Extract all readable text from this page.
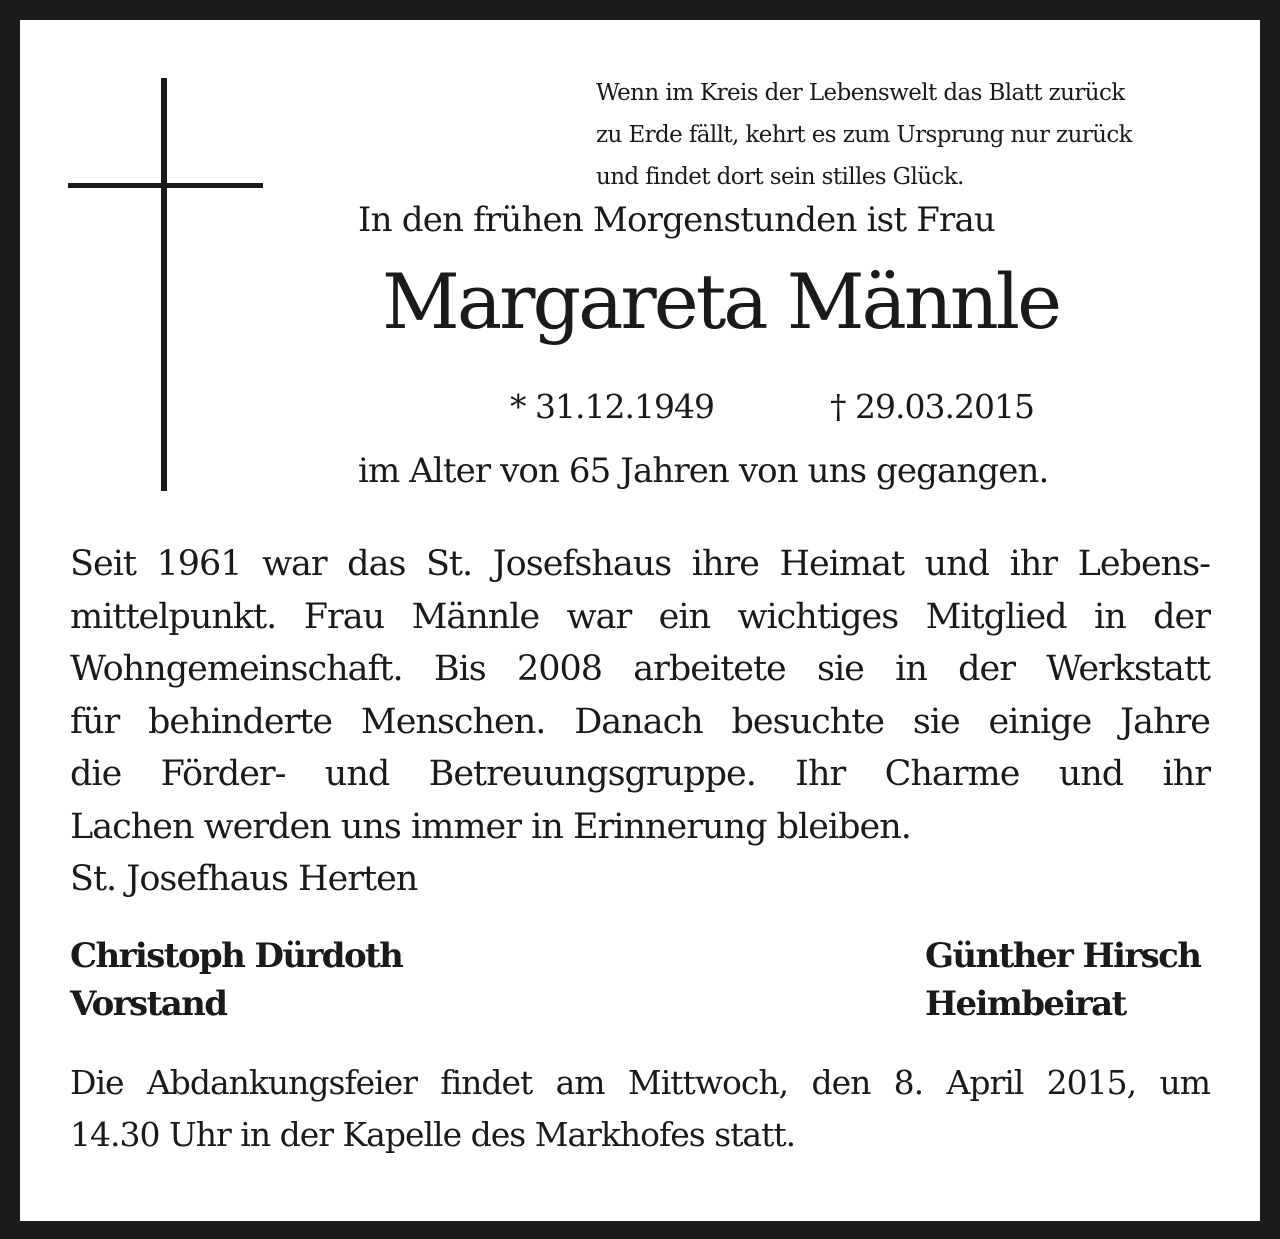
Wenn im Kreis der Lebenswelt das Blatt zurück
zu Erde fällt, kehrt es zum Ursprung nur zurück
und findet dort sein stilles Glück.
In den frühen Morgenstunden ist Frau
Margareta Männle
* 31.12.1949	† 29.03.2015
im Alter von 65 Jahren von uns gegangen.
Seit 1961 war das St. Josefshaus ihre Heimat und ihr Lebens-
mittelpunkt. Frau Männle war ein wichtiges Mitglied in der
Wohngemeinschaft. Bis 2008 arbeitete sie in der Werkstatt
für behinderte Menschen. Danach besuchte sie einige Jahre
die Förder- und Betreuungsgruppe. Ihr Charme und ihr
Lachen werden uns immer in Erinnerung bleiben.
St. Josefhaus Herten
Christoph Dürdoth
Vorstand
Günther Hirsch
Heimbeirat
Die Abdankungsfeier findet am Mittwoch, den 8. April 2015, um
14.30 Uhr in der Kapelle des Markhofes statt.
